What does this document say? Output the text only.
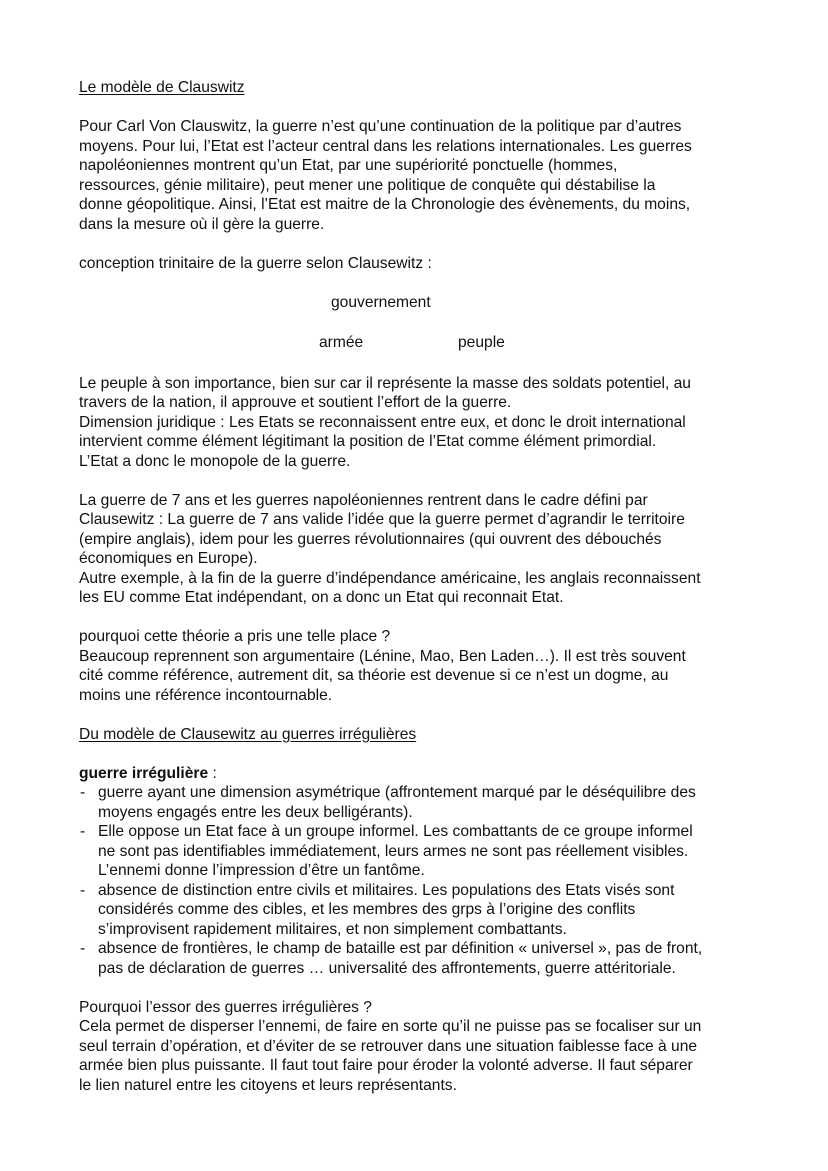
Le modèle de Clauswitz
Pour Carl Von Clauswitz, la guerre n’est qu’une continuation de la politique par d’autres
moyens. Pour lui, l’Etat est l’acteur central dans les relations internationales. Les guerres
napoléoniennes montrent qu’un Etat, par une supériorité ponctuelle (hommes,
ressources, génie militaire), peut mener une politique de conquête qui déstabilise la
donne géopolitique. Ainsi, l’Etat est maitre de la Chronologie des évènements, du moins,
dans la mesure où il gère la guerre.
conception trinitaire de la guerre selon Clausewitz :
gouvernement
armée	peuple
Le peuple à son importance, bien sur car il représente la masse des soldats potentiel, au
travers de la nation, il approuve et soutient l’effort de la guerre.
Dimension juridique : Les Etats se reconnaissent entre eux, et donc le droit international
intervient comme élément légitimant la position de l’Etat comme élément primordial.
L’Etat a donc le monopole de la guerre.
La guerre de 7 ans et les guerres napoléoniennes rentrent dans le cadre défini par
Clausewitz : La guerre de 7 ans valide l’idée que la guerre permet d’agrandir le territoire
(empire anglais), idem pour les guerres révolutionnaires (qui ouvrent des débouchés
économiques en Europe).
Autre exemple, à la fin de la guerre d’indépendance américaine, les anglais reconnaissent
les EU comme Etat indépendant, on a donc un Etat qui reconnait Etat.
pourquoi cette théorie a pris une telle place ?
Beaucoup reprennent son argumentaire (Lénine, Mao, Ben Laden…). Il est très souvent
cité comme référence, autrement dit, sa théorie est devenue si ce n’est un dogme, au
moins une référence incontournable.
Du modèle de Clausewitz au guerres irrégulières
guerre irrégulière :
- guerre ayant une dimension asymétrique (affrontement marqué par le déséquilibre des
moyens engagés entre les deux belligérants).
- Elle oppose un Etat face à un groupe informel. Les combattants de ce groupe informel
ne sont pas identifiables immédiatement, leurs armes ne sont pas réellement visibles.
L’ennemi donne l’impression d’être un fantôme.
- absence de distinction entre civils et militaires. Les populations des Etats visés sont
considérés comme des cibles, et les membres des grps à l’origine des conflits
s’improvisent rapidement militaires, et non simplement combattants.
- absence de frontières, le champ de bataille est par définition « universel », pas de front,
pas de déclaration de guerres … universalité des affrontements, guerre attéritoriale.
Pourquoi l’essor des guerres irrégulières ?
Cela permet de disperser l’ennemi, de faire en sorte qu’il ne puisse pas se focaliser sur un
seul terrain d’opération, et d’éviter de se retrouver dans une situation faiblesse face à une
armée bien plus puissante. Il faut tout faire pour éroder la volonté adverse. Il faut séparer
le lien naturel entre les citoyens et leurs représentants.
